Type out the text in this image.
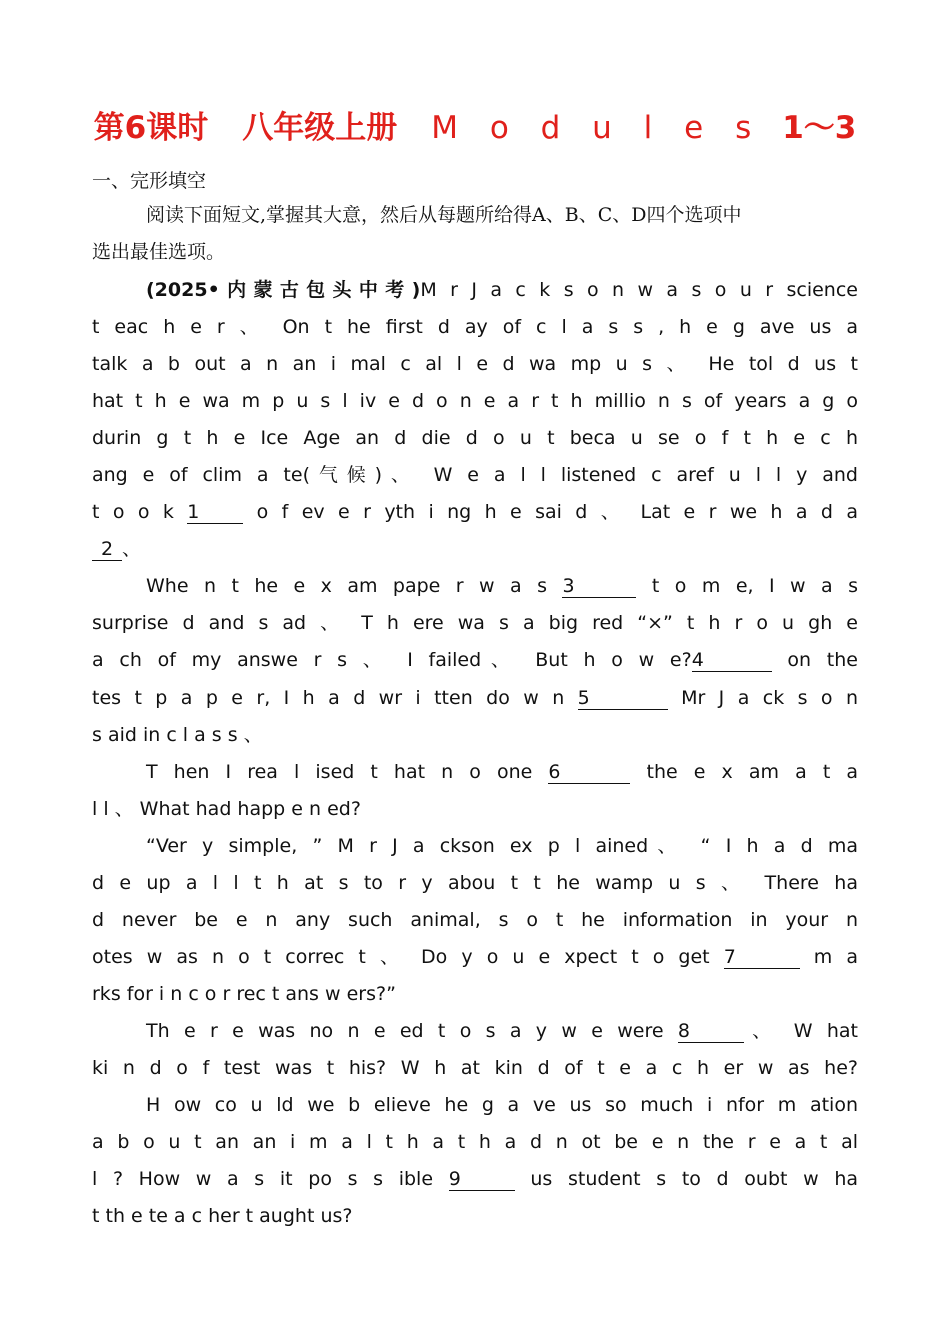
第6课时 八年级上册 M o d u l e s 1～3
一、完形填空
阅读下面短文,掌握其大意，然后从每题所给得A、B、C、D四个选项中
选出最佳选项。
(2025•内蒙古包头中考)M r J a c k s o n w a s o u r science
t eac h e r 、 On t he first d ay of c l a s s , h e g ave us a
talk a b out a n an i mal c al l e d wa mp u s 、 He tol d us t
hat t h e wa m p u s l iv e d o n e a r t h millio n s of years a g o
durin g t h e Ice Age an d die d o u t beca u se o f t h e c h
ang e of clim a te(气候)、 W e a l l listened c aref u l l y and
t o o k 1 o f ev e r yth i ng h e sai d 、 Lat e r we h a d a
2 、
Whe n t he e x am pape r w a s 3	t o m e, I w a s
surprise d and s ad 、 T h ere wa s a big red “×” t h r o u gh e
a ch of my answe r s 、 I failed、 But h o w e?4	on the
tes t p a p e r, I h a d wr i tten do w n 5	Mr J a ck s o n
s aid in c l a s s 、
T hen I rea l ised t hat n o one 6	the e x am a t a
l l 、 What had happ e n ed?
“Ver y simple, ” M r J a ckson ex p l ained、 “ I h a d ma
d e up a l l t h at s to r y abou t t he wamp u s 、 There ha
d never be e n any such animal, s o t he information in your n
otes w as n o t correc t 、 Do y o u e xpect t o get 7	m a
rks for i n c o r rec t ans w ers?”
Th e r e was no n e ed t o s a y w e were 8	、 W hat
ki n d o f test was t his? W h at kin d of t e a c h er w as he?
H ow co u ld we b elieve he g a ve us so much i nfor m ation
a b o u t an an i m a l t h a t h a d n ot be e n the r e a t al
l ? How w a s it po s s ible 9	us student s to d oubt w ha
t th e te a c her t aught us?
